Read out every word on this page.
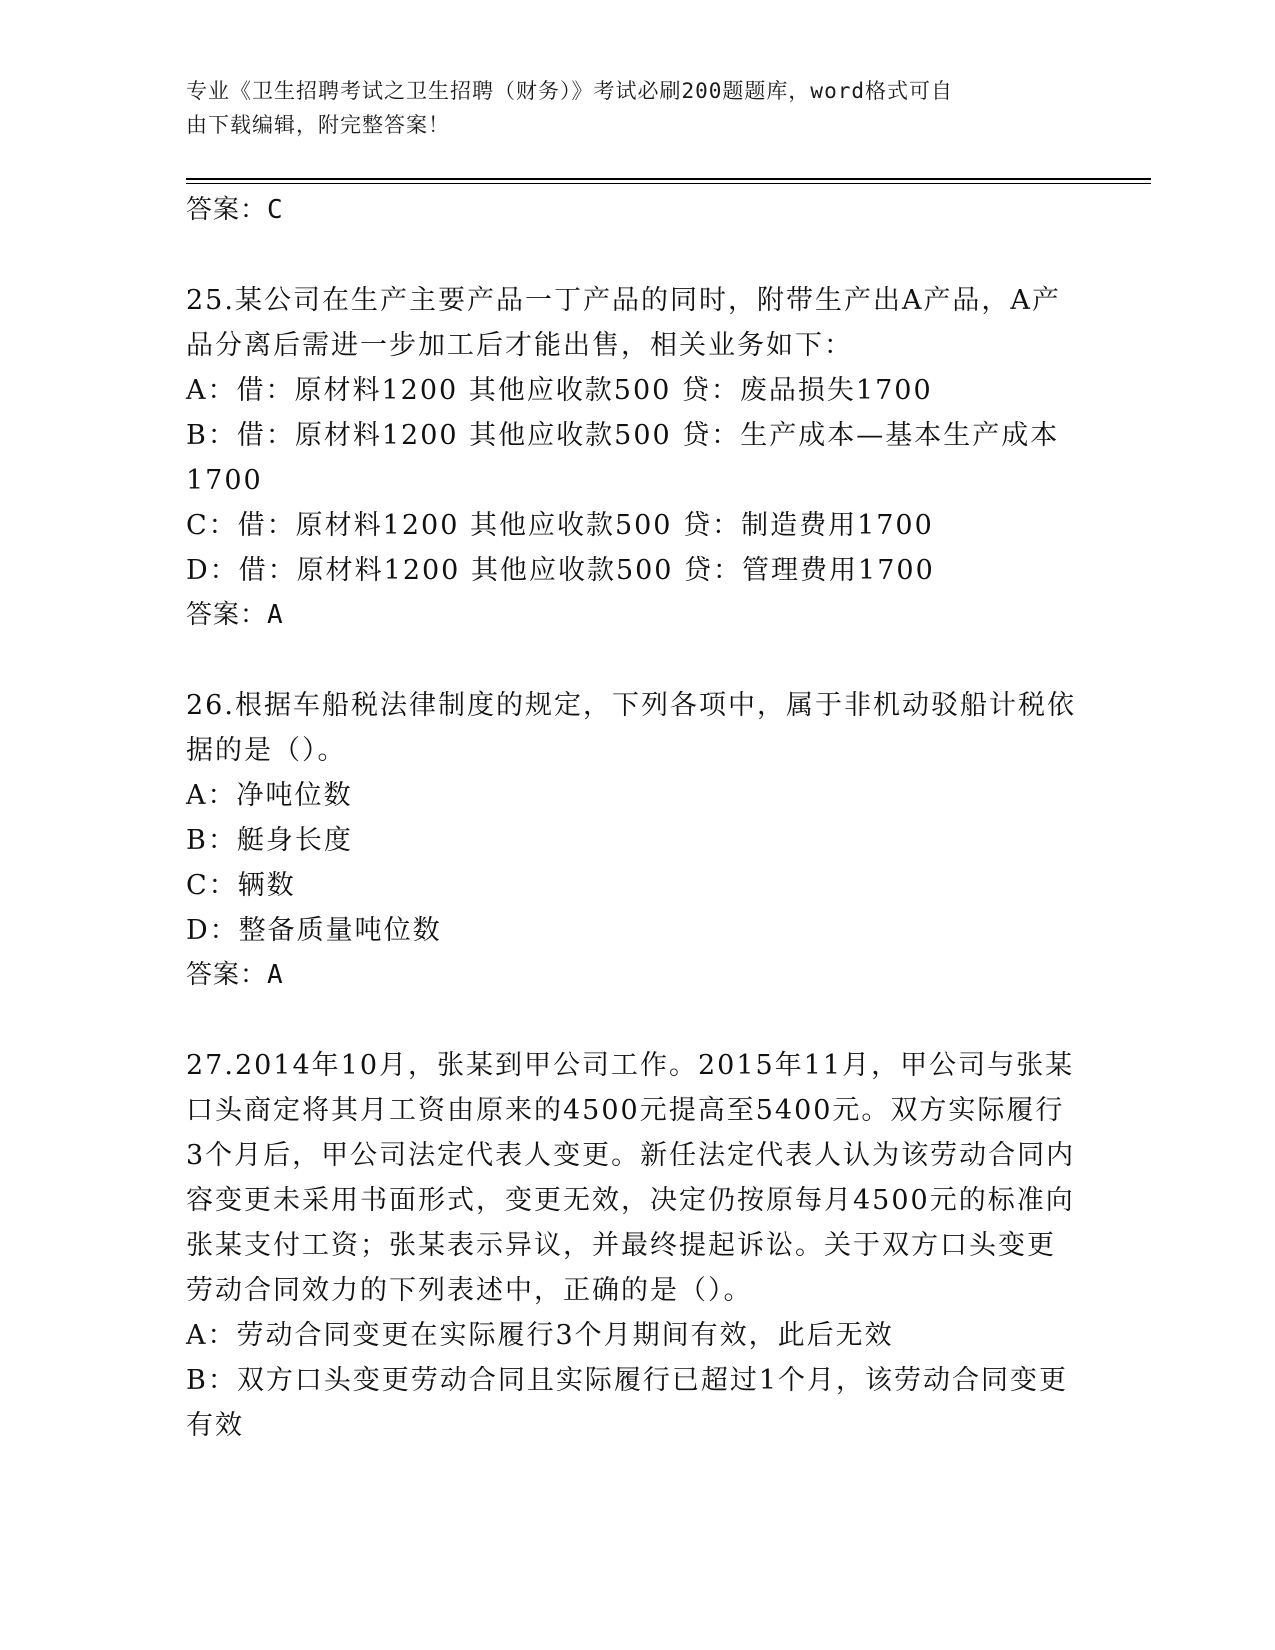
专业《卫生招聘考试之卫生招聘（财务）》考试必刷200题题库，word格式可自
由下载编辑，附完整答案！

答案：C

25.某公司在生产主要产品一丁产品的同时，附带生产出A产品，A产

品分离后需进一步加工后才能出售，相关业务如下：

A：借：原材料1200 其他应收款500 贷：废品损失1700

B：借：原材料1200 其他应收款500 贷：生产成本—基本生产成本

1700

C：借：原材料1200 其他应收款500 贷：制造费用1700

D：借：原材料1200 其他应收款500 贷：管理费用1700

答案：A

26.根据车船税法律制度的规定，下列各项中，属于非机动驳船计税依

据的是（）。

A：净吨位数

B：艇身长度

C：辆数

D：整备质量吨位数

答案：A

27.2014年10月，张某到甲公司工作。2015年11月，甲公司与张某

口头商定将其月工资由原来的4500元提高至5400元。双方实际履行

3个月后，甲公司法定代表人变更。新任法定代表人认为该劳动合同内

容变更未采用书面形式，变更无效，决定仍按原每月4500元的标准向

张某支付工资；张某表示异议，并最终提起诉讼。关于双方口头变更

劳动合同效力的下列表述中，正确的是（）。

A：劳动合同变更在实际履行3个月期间有效，此后无效

B：双方口头变更劳动合同且实际履行已超过1个月，该劳动合同变更

有效
